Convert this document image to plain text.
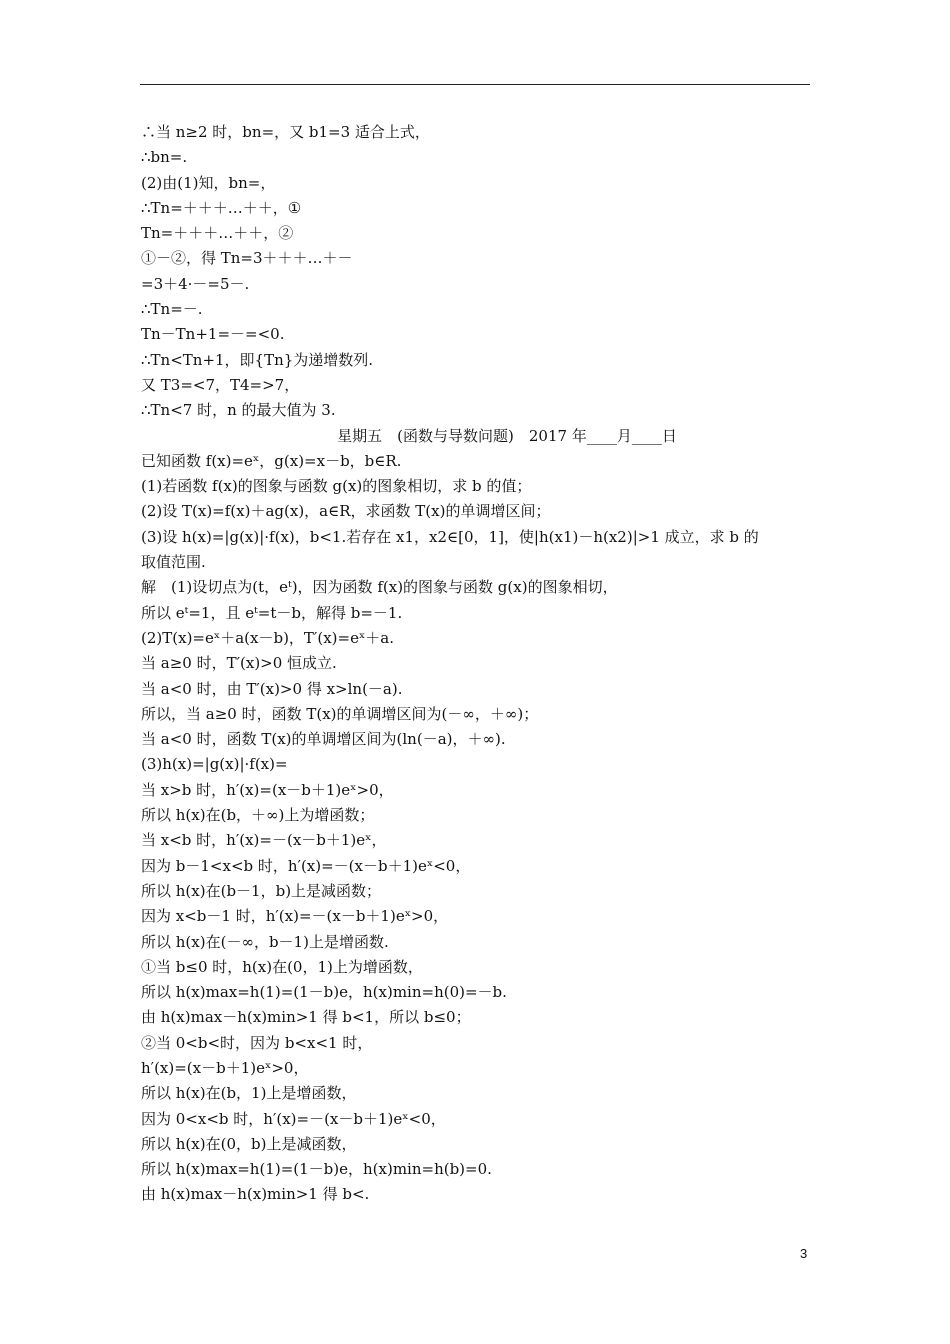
∴当 n≥2 时，bn=，又 b1=3 适合上式，
∴bn=.
(2)由(1)知，bn=，
∴Tn=＋＋＋…＋＋，①
Tn=＋＋＋…＋＋，②
①－②，得 Tn=3＋＋＋…＋－
=3＋4·－=5－.
∴Tn=－.
Tn－Tn+1=－=<0.
∴Tn<Tn+1，即{Tn}为递增数列.
又 T3=<7，T4=>7，
∴Tn<7 时，n 的最大值为 3.
星期五　(函数与导数问题)　2017 年____月____日
已知函数 f(x)=eˣ，g(x)=x－b，b∈R.
(1)若函数 f(x)的图象与函数 g(x)的图象相切，求 b 的值；
(2)设 T(x)=f(x)＋ag(x)，a∈R，求函数 T(x)的单调增区间；
(3)设 h(x)=|g(x)|·f(x)，b<1.若存在 x1，x2∈[0，1]，使|h(x1)－h(x2)|>1 成立，求 b 的
取值范围.
解　(1)设切点为(t，eᵗ)，因为函数 f(x)的图象与函数 g(x)的图象相切，
所以 eᵗ=1，且 eᵗ=t－b，解得 b=－1.
(2)T(x)=eˣ＋a(x－b)，T′(x)=eˣ＋a.
当 a≥0 时，T′(x)>0 恒成立.
当 a<0 时，由 T′(x)>0 得 x>ln(－a).
所以，当 a≥0 时，函数 T(x)的单调增区间为(－∞，＋∞)；
当 a<0 时，函数 T(x)的单调增区间为(ln(－a)，＋∞).
(3)h(x)=|g(x)|·f(x)=
当 x>b 时，h′(x)=(x－b＋1)eˣ>0，
所以 h(x)在(b，＋∞)上为增函数；
当 x<b 时，h′(x)=－(x－b＋1)eˣ，
因为 b－1<x<b 时，h′(x)=－(x－b＋1)eˣ<0，
所以 h(x)在(b－1，b)上是减函数；
因为 x<b－1 时，h′(x)=－(x－b＋1)eˣ>0，
所以 h(x)在(－∞，b－1)上是增函数.
①当 b≤0 时，h(x)在(0，1)上为增函数，
所以 h(x)max=h(1)=(1－b)e，h(x)min=h(0)=－b.
由 h(x)max－h(x)min>1 得 b<1，所以 b≤0；
②当 0<b<时，因为 b<x<1 时，
h′(x)=(x－b＋1)eˣ>0，
所以 h(x)在(b，1)上是增函数，
因为 0<x<b 时，h′(x)=－(x－b＋1)eˣ<0，
所以 h(x)在(0，b)上是减函数，
所以 h(x)max=h(1)=(1－b)e，h(x)min=h(b)=0.
由 h(x)max－h(x)min>1 得 b<.
3
